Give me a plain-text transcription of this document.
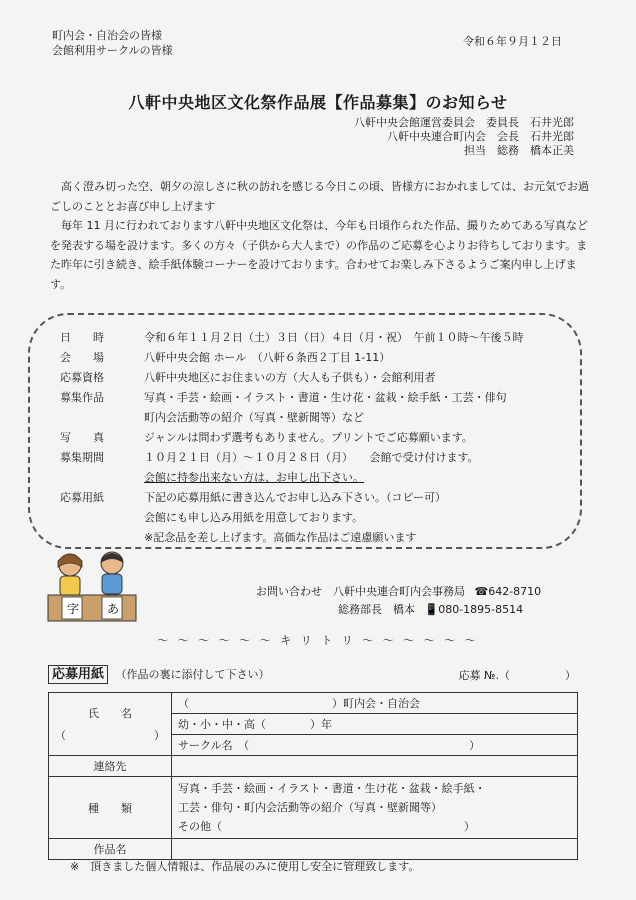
町内会・自治会の皆様
会館利用サークルの皆様
令和６年９月１２日
八軒中央地区文化祭作品展【作品募集】のお知らせ
八軒中央会館運営委員会　委員長　石井光郎
八軒中央連合町内会　会長　石井光郎
担当　総務　橋本正美

高く澄み切った空、朝夕の涼しさに秋の訪れを感じる今日この頃、皆様方におかれましては、お元気でお過ごしのこととお喜び申し上げます

毎年 11 月に行われております八軒中央地区文化祭は、今年も日頃作られた作品、撮りためてある写真などを発表する場を設けます。多くの方々（子供から大人まで）の作品のご応募を心よりお待ちしております。また昨年に引き続き、絵手紙体験コーナーを設けております。合わせてお楽しみ下さるようご案内申し上げます。

日　　時	令和６年１１月２日（土）３日（日）４日（月・祝）　午前１０時～午後５時
会　　場	八軒中央会館 ホール　（八軒６条西２丁目 1-11）
応募資格	八軒中央地区にお住まいの方（大人も子供も）・会館利用者
募集作品	写真・手芸・絵画・イラスト・書道・生け花・盆栽・絵手紙・工芸・俳句
町内会活動等の紹介（写真・壁新聞等）など
写　　真	ジャンルは問わず選考もありません。プリントでご応募願います。
募集期間	１０月２１日（月）～１０月２８日（月）　　会館で受け付けます。
会館に持参出来ない方は、お申し出下さい。
応募用紙	下記の応募用紙に書き込んでお申し込み下さい。（コピー可）
会館にも申し込み用紙を用意しております。
※記念品を差し上げます。高価な作品はご遠慮願います
字 あ
お問い合わせ　八軒中央連合町内会事務局 ☎642-8710
総務部長　橋本 📱080-1895-8514
～ ～ ～ ～ ～ ～ キ リ ト リ ～ ～ ～ ～ ～ ～
応募用紙 （作品の裏に添付して下さい）	応募 №.（　　　　　）
氏　　名
（　　　　　　　　）	（　　　　　　　　　　　　　）町内会・自治会
	幼・小・中・高（　　　　）年
	サークル名　（　　　　　　　　　　　　　　　　　　　　）
連絡先	
種　　類	写真・手芸・絵画・イラスト・書道・生け花・盆栽・絵手紙・
工芸・俳句・町内会活動等の紹介（写真・壁新聞等）
その他（　　　　　　　　　　　　　　　　　　　　　　）

作品名	
※　頂きました個人情報は、作品展のみに使用し安全に管理致します。
